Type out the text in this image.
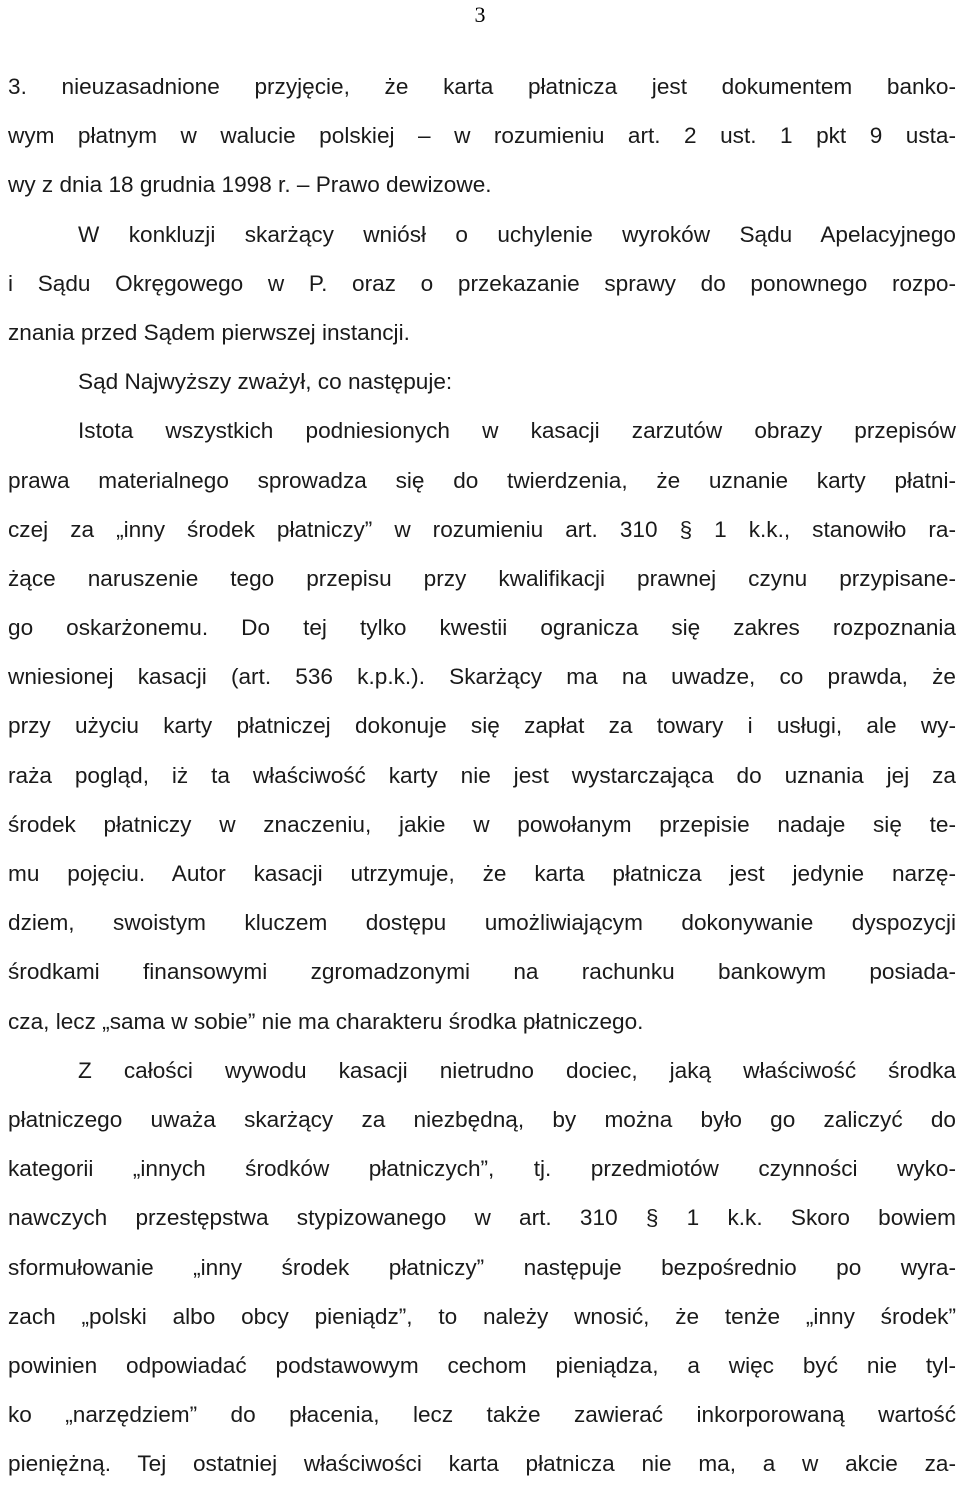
3
3. nieuzasadnione przyjęcie, że karta płatnicza jest dokumentem banko-
wym płatnym w walucie polskiej – w rozumieniu art. 2 ust. 1 pkt 9 usta-
wy z dnia 18 grudnia 1998 r. – Prawo dewizowe.
W konkluzji skarżący wniósł o uchylenie wyroków Sądu Apelacyjnego
i Sądu Okręgowego w P. oraz o przekazanie sprawy do ponownego rozpo-
znania przed Sądem pierwszej instancji.
Sąd Najwyższy zważył, co następuje:
Istota wszystkich podniesionych w kasacji zarzutów obrazy przepisów
prawa materialnego sprowadza się do twierdzenia, że uznanie karty płatni-
czej za „inny środek płatniczy” w rozumieniu art. 310 § 1 k.k., stanowiło ra-
żące naruszenie tego przepisu przy kwalifikacji prawnej czynu przypisane-
go oskarżonemu. Do tej tylko kwestii ogranicza się zakres rozpoznania
wniesionej kasacji (art. 536 k.p.k.). Skarżący ma na uwadze, co prawda, że
przy użyciu karty płatniczej dokonuje się zapłat za towary i usługi, ale wy-
raża pogląd, iż ta właściwość karty nie jest wystarczająca do uznania jej za
środek płatniczy w znaczeniu, jakie w powołanym przepisie nadaje się te-
mu pojęciu. Autor kasacji utrzymuje, że karta płatnicza jest jedynie narzę-
dziem, swoistym kluczem dostępu umożliwiającym dokonywanie dyspozycji
środkami finansowymi zgromadzonymi na rachunku bankowym posiada-
cza, lecz „sama w sobie” nie ma charakteru środka płatniczego.
Z całości wywodu kasacji nietrudno dociec, jaką właściwość środka
płatniczego uważa skarżący za niezbędną, by można było go zaliczyć do
kategorii „innych środków płatniczych”, tj. przedmiotów czynności wyko-
nawczych przestępstwa stypizowanego w art. 310 § 1 k.k. Skoro bowiem
sformułowanie „inny środek płatniczy” następuje bezpośrednio po wyra-
zach „polski albo obcy pieniądz”, to należy wnosić, że tenże „inny środek”
powinien odpowiadać podstawowym cechom pieniądza, a więc być nie tyl-
ko „narzędziem” do płacenia, lecz także zawierać inkorporowaną wartość
pieniężną. Tej ostatniej właściwości karta płatnicza nie ma, a w akcie za-
